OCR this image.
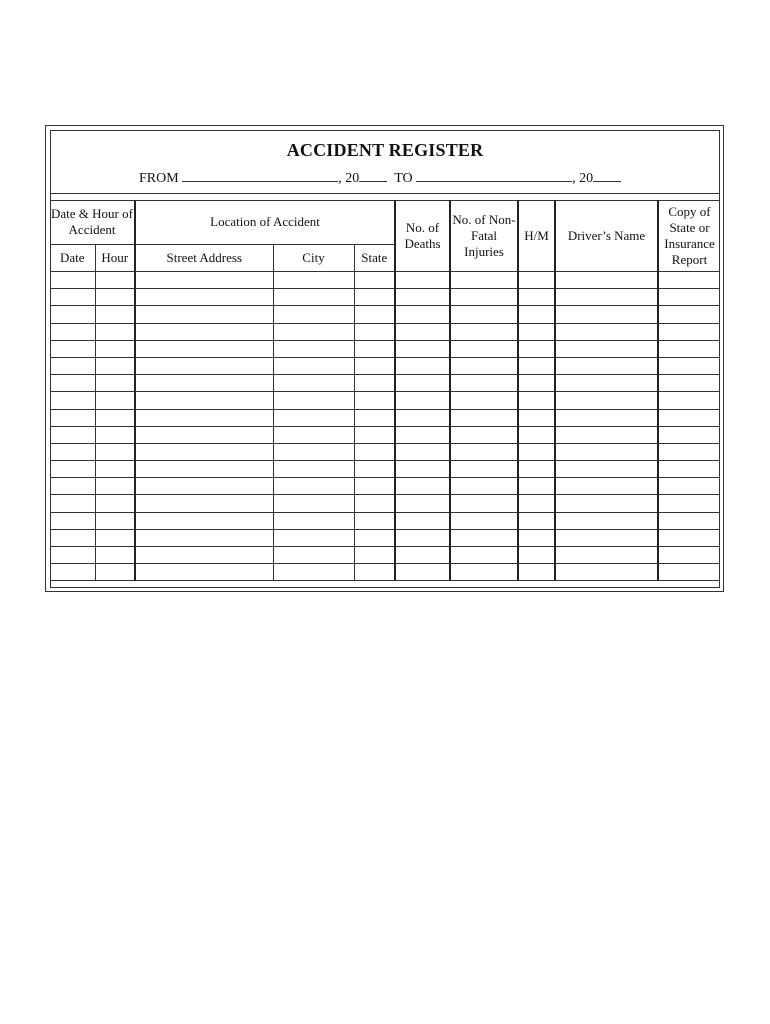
ACCIDENT REGISTER
FROM	, 20	TO	, 20
Date & Hour of Accident		Location of Accident			No. of Deaths	No. of Non-Fatal Injuries	H/M	Driver’s Name	Copy of State or Insurance Report
Date	Hour	Street Address	City	State					
